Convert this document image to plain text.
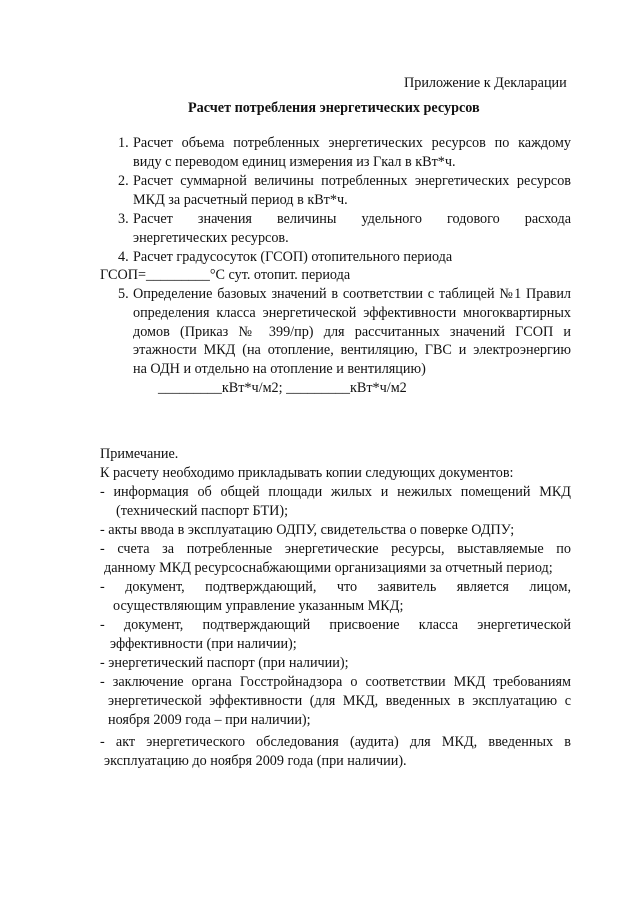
Приложение к Декларации
Расчет потребления энергетических ресурсов
1. Расчет объема потребленных энергетических ресурсов по каждому
виду с переводом единиц измерения из Гкал в кВт*ч.
2. Расчет суммарной величины потребленных энергетических ресурсов
МКД за расчетный период в кВт*ч.
3. Расчет значения величины удельного годового расхода
энергетических ресурсов.
4. Расчет градусосуток (ГСОП) отопительного периода
ГСОП=_________°С сут. отопит. периода
5. Определение базовых значений в соответствии с таблицей №1 Правил
определения класса энергетической эффективности многоквартирных
домов (Приказ № 399/пр) для рассчитанных значений ГСОП и
этажности МКД (на отопление, вентиляцию, ГВС и электроэнергию
на ОДН и отдельно на отопление и вентиляцию)
_________кВт*ч/м2; _________кВт*ч/м2
Примечание.
К расчету необходимо прикладывать копии следующих документов:
- информация об общей площади жилых и нежилых помещений МКД
(технический паспорт БТИ);
- акты ввода в эксплуатацию ОДПУ, свидетельства о поверке ОДПУ;
- счета за потребленные энергетические ресурсы, выставляемые по
данному МКД ресурсоснабжающими организациями за отчетный период;
- документ, подтверждающий, что заявитель является лицом,
осуществляющим управление указанным МКД;
- документ, подтверждающий присвоение класса энергетической
эффективности (при наличии);
- энергетический паспорт (при наличии);
- заключение органа Госстройнадзора о соответствии МКД требованиям
энергетической эффективности (для МКД, введенных в эксплуатацию с
ноября 2009 года – при наличии);
- акт энергетического обследования (аудита) для МКД, введенных в
эксплуатацию до ноября 2009 года (при наличии).
